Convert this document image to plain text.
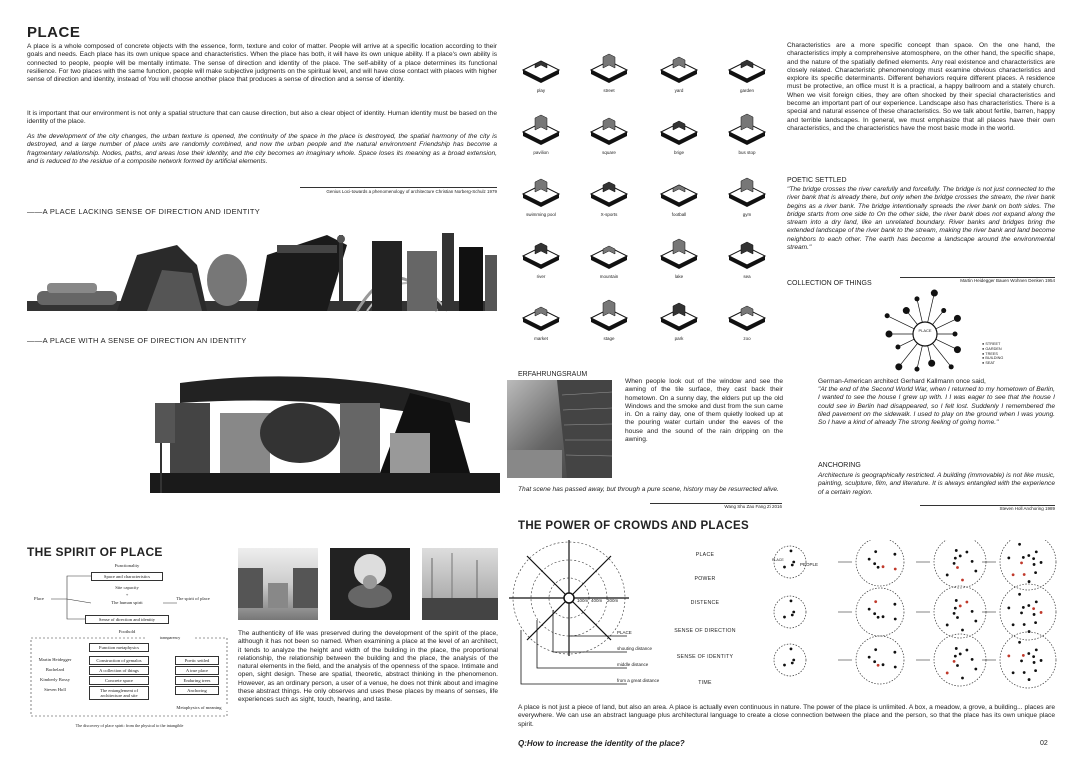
PLACE
A place is a whole composed of concrete objects with the essence, form, texture and color of matter. People will arrive at a specific location according to their goals and needs. Each place has its own unique space and characteristics. When the place has both, it will have its own unique ability. If a place's own ability is connected to people, people will be mentally intimate. The sense of direction and identity of the place. The self-ability of a place determines its functional resilience. For two places with the same function, people will make subjective judgments on the spiritual level, and will have close contact with places with higher sense of direction and identity, instead of You will choose another place that produces a sense of direction and a sense of identity.
It is important that our environment is not only a spatial structure that can cause direction, but also a clear object of identity. Human identity must be based on the identity of the place.
As the development of the city changes, the urban texture is opened, the continuity of the space in the place is destroyed, the spatial harmony of the city is destroyed, and a large number of place units are randomly combined, and now the urban people and the natural environment Friendship has become a fragmentary relationship. Nodes, paths, and areas lose their identity, and the city becomes an imaginary whole. Space loses its meaning as a broad extension, and is reduced to the residue of a composite network formed by artificial elements.
Genius Loci-towards a phenomenology of architecture Christian Norberg-Schulz 1979
——A PLACE LACKING SENSE OF DIRECTION AND IDENTITY
——A PLACE WITH A SENSE OF DIRECTION AN IDENTITY
THE SPIRIT OF PLACE
Functionality
Space and characteristics
Site capacity
+
The human spirit
Place	The spirit of place
Sense of direction and identity
Foothold
transparency
Function metaphysics
Martin Heidegger
Bachelard
Kimberly Bossy
Steven Holl
Construction of gemalos
A collection of things
Concrete space
The entanglement of architecture and site
Poetic settled
A true place
Enduring trees
Anchoring
Metaphysics of meaning
The discovery of place spirit: from the physical to the intangible
The authenticity of life was preserved during the development of the spirit of the place, although it has not been so named. When examining a place at the level of an architect, it tends to analyze the height and width of the building in the place, the proportional relationship, the relationship between the building and the place, the analysis of the natural elements in the field, and the analysis of the openness of the space. Intimate and open, sight design. These are spatial, theoretic, abstract thinking in the phenomenon. However, as an ordinary person, a user of a venue, he does not think about and imagine these abstract things. He only observes and uses these places by means of senses, life experiences such as sight, touch, hearing, and taste.
play	street	yard	garden
pavilion	square	brige	bus stop
swimming pool	X-sports	football	gym
river	mountain	lake	sea
market	stage	park	zoo
Characteristics are a more specific concept than space. On the one hand, the characteristics imply a comprehensive atomosphere, on the other hand, the specific shape, and the nature of the spatially defined elements. Any real existence and characteristics are closely related. Characteristic phenomenology must examine obvious characteristics and explore its specific determinants. Different behaviors require different places. A residence must be protective, an office must It is a practical, a happy ballroom and a stately church. When we visit foreign cities, they are often shocked by their special characteristics and become an important part of our experience. Landscape also has characteristics. There is a special and natural essence of these characteristics. So we talk about fertile, barren, happy and terrible landscapes. In general, we must emphasize that all places have their own characteristics, and the characteristics have the most basic mode in the world.
POETIC SETTLED
"The bridge crosses the river carefully and forcefully. The bridge is not just connected to the river bank that is already there, but only when the bridge crosses the stream, the river bank begins as a river bank. The bridge intentionally spreads the river bank on both sides. The bridge starts from one side to On the other side, the river bank does not expand along the stream into a dry land, like an unrelated boundary. River banks and bridges bring the extended landscape of the river bank to the stream, making the river bank and land become neighbors to each other. The earth has become a landscape around the environmental stream."
Martin Heidegger Bauen Wohnen Denken 1954
COLLECTION OF THINGS
PLACE
● STREET
● GARDEN
● TREES
● BUILDING
● SEAT
ERFAHRUNGSRAUM
When people look out of the window and see the awning of the tile surface, they cast back their hometown. On a sunny day, the elders put up the old Windows and the smoke and dust from the sun came in. On a rainy day, one of them quietly looked up at the pouring water curtain under the eaves of the house and the sound of the rain dripping on the awning.
That scene has passed away, but through a pure scene, history may be resurrected alive.
Wang Shu Zao Fang Zi 2016
German-American architect Gerhard Kallmann once said,
"At the end of the Second World War, when I returned to my hometown of Berlin, I wanted to see the house I grew up with. I I was eager to see that the house I could see in Berlin had disappeared, so I felt lost. Suddenly I remembered the tiled pavement on the sidewalk. I used to play on the ground when I was young. So I have a kind of already The strong feeling of going home."
ANCHORING
Architecture is geographically restricted. A building (immovable) is not like music, painting, sculpture, film, and literature. It is always entangled with the experience of a certain region.
Steven Holl Anchoring 1989
THE POWER OF CROWDS AND PLACES
100m 400m	200m
PLACE
shouting distance
middle distance
from a great distance
PLACE
POWER
DISTENCE
SENSE OF DIRECTION
SENSE OF IDENTITY
TIME
PLACE
PEOPLE
A place is not just a piece of land, but also an area. A place is actually even continuous in nature. The power of the place is unlimited. A box, a meadow, a grove, a building... places are everywhere. We can use an abstract language plus architectural language to create a close connection between the place and the person, so that the place has its own unique place spirit.
Q:How to increase the identity of the place?	02
